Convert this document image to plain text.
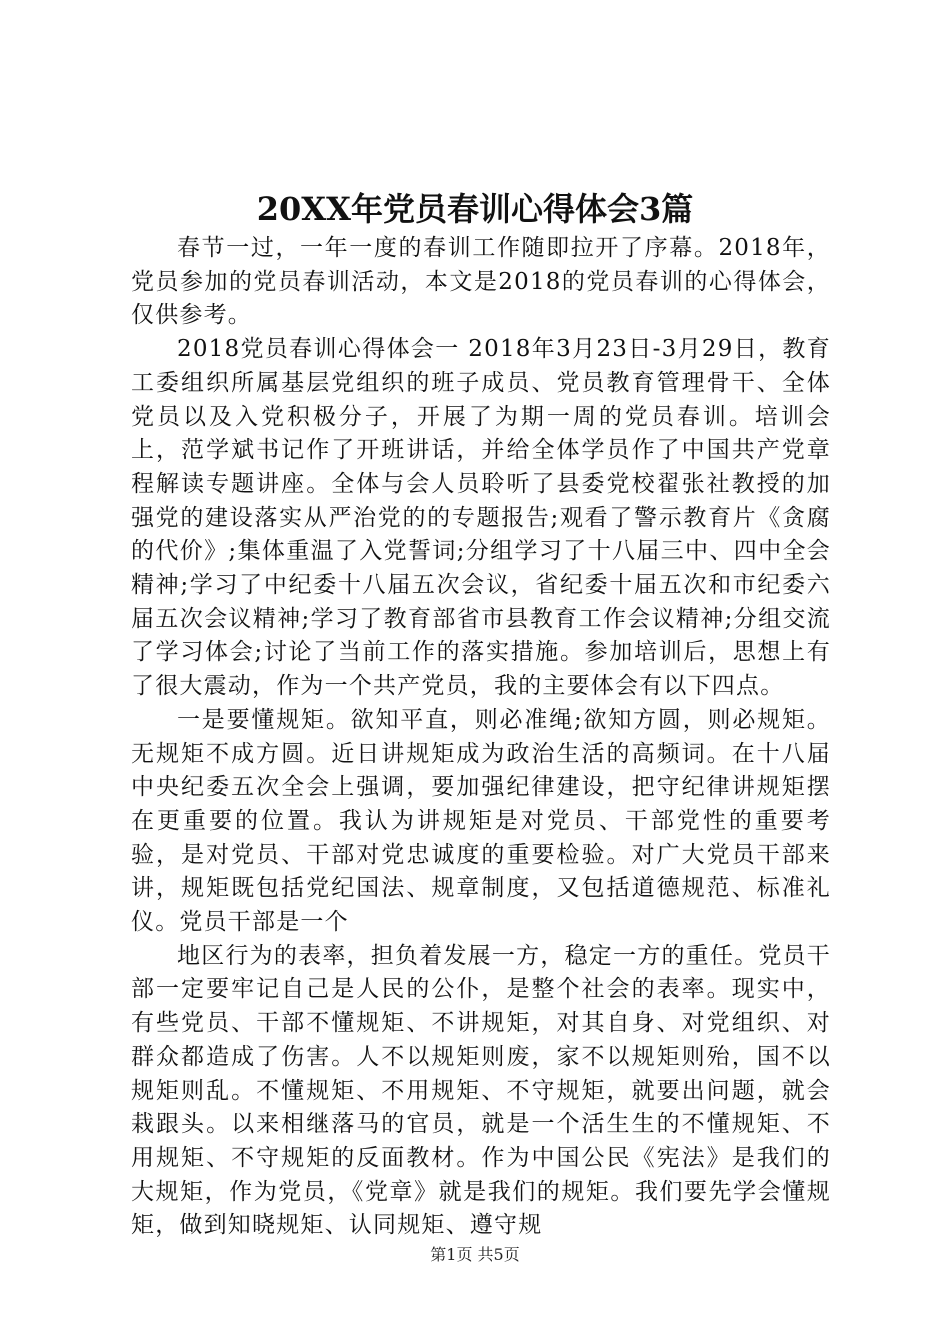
20XX年党员春训心得体会3篇

春节一过，一年一度的春训工作随即拉开了序幕。2018年，党员参加的党员春训活动，本文是2018的党员春训的心得体会，仅供参考。

2018党员春训心得体会一 2018年3月23日-3月29日，教育工委组织所属基层党组织的班子成员、党员教育管理骨干、全体党员以及入党积极分子，开展了为期一周的党员春训。培训会上，范学斌书记作了开班讲话，并给全体学员作了中国共产党章程解读专题讲座。全体与会人员聆听了县委党校翟张社教授的加强党的建设落实从严治党的的专题报告;观看了警示教育片《贪腐的代价》;集体重温了入党誓词;分组学习了十八届三中、四中全会精神;学习了中纪委十八届五次会议，省纪委十届五次和市纪委六届五次会议精神;学习了教育部省市县教育工作会议精神;分组交流了学习体会;讨论了当前工作的落实措施。参加培训后，思想上有了很大震动，作为一个共产党员，我的主要体会有以下四点。

一是要懂规矩。欲知平直，则必准绳;欲知方圆，则必规矩。无规矩不成方圆。近日讲规矩成为政治生活的高频词。在十八届中央纪委五次全会上强调，要加强纪律建设，把守纪律讲规矩摆在更重要的位置。我认为讲规矩是对党员、干部党性的重要考验，是对党员、干部对党忠诚度的重要检验。对广大党员干部来讲，规矩既包括党纪国法、规章制度，又包括道德规范、标准礼仪。党员干部是一个

地区行为的表率，担负着发展一方，稳定一方的重任。党员干部一定要牢记自己是人民的公仆，是整个社会的表率。现实中，有些党员、干部不懂规矩、不讲规矩，对其自身、对党组织、对群众都造成了伤害。人不以规矩则废，家不以规矩则殆，国不以规矩则乱。不懂规矩、不用规矩、不守规矩，就要出问题，就会栽跟头。以来相继落马的官员，就是一个活生生的不懂规矩、不用规矩、不守规矩的反面教材。作为中国公民《宪法》是我们的大规矩，作为党员，《党章》就是我们的规矩。我们要先学会懂规矩，做到知晓规矩、认同规矩、遵守规

第1页 共5页
